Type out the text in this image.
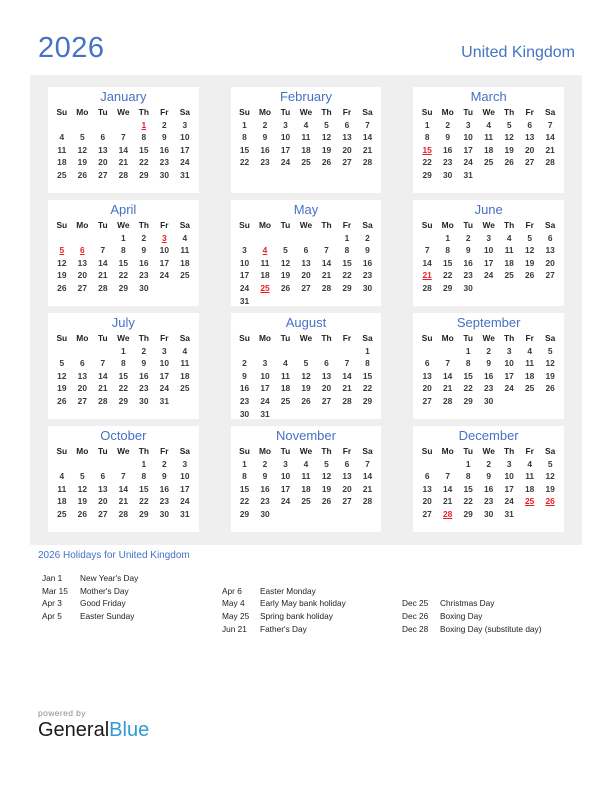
2026	United Kingdom
January
Su	Mo	Tu	We	Th	Fr	Sa
				1	2	3
4	5	6	7	8	9	10
11	12	13	14	15	16	17
18	19	20	21	22	23	24
25	26	27	28	29	30	31
February
Su	Mo	Tu	We	Th	Fr	Sa
1	2	3	4	5	6	7
8	9	10	11	12	13	14
15	16	17	18	19	20	21
22	23	24	25	26	27	28
March
Su	Mo	Tu	We	Th	Fr	Sa
1	2	3	4	5	6	7
8	9	10	11	12	13	14
15	16	17	18	19	20	21
22	23	24	25	26	27	28
29	30	31				
April
Su	Mo	Tu	We	Th	Fr	Sa
			1	2	3	4
5	6	7	8	9	10	11
12	13	14	15	16	17	18
19	20	21	22	23	24	25
26	27	28	29	30		
May
Su	Mo	Tu	We	Th	Fr	Sa
					1	2
3	4	5	6	7	8	9
10	11	12	13	14	15	16
17	18	19	20	21	22	23
24	25	26	27	28	29	30
31						
June
Su	Mo	Tu	We	Th	Fr	Sa
	1	2	3	4	5	6
7	8	9	10	11	12	13
14	15	16	17	18	19	20
21	22	23	24	25	26	27
28	29	30				
July
Su	Mo	Tu	We	Th	Fr	Sa
			1	2	3	4
5	6	7	8	9	10	11
12	13	14	15	16	17	18
19	20	21	22	23	24	25
26	27	28	29	30	31	
August
Su	Mo	Tu	We	Th	Fr	Sa
						1
2	3	4	5	6	7	8
9	10	11	12	13	14	15
16	17	18	19	20	21	22
23	24	25	26	27	28	29
30	31					
September
Su	Mo	Tu	We	Th	Fr	Sa
		1	2	3	4	5
6	7	8	9	10	11	12
13	14	15	16	17	18	19
20	21	22	23	24	25	26
27	28	29	30			
October
Su	Mo	Tu	We	Th	Fr	Sa
				1	2	3
4	5	6	7	8	9	10
11	12	13	14	15	16	17
18	19	20	21	22	23	24
25	26	27	28	29	30	31
November
Su	Mo	Tu	We	Th	Fr	Sa
1	2	3	4	5	6	7
8	9	10	11	12	13	14
15	16	17	18	19	20	21
22	23	24	25	26	27	28
29	30					
December
Su	Mo	Tu	We	Th	Fr	Sa
		1	2	3	4	5
6	7	8	9	10	11	12
13	14	15	16	17	18	19
20	21	22	23	24	25	26
27	28	29	30	31		
2026 Holidays for United Kingdom
Jan 1	New Year's Day
Mar 15	Mother's Day
Apr 3	Good Friday
Apr 5	Easter Sunday
Apr 6	Easter Monday
May 4	Early May bank holiday
May 25	Spring bank holiday
Jun 21	Father's Day
Dec 25	Christmas Day
Dec 26	Boxing Day
Dec 28	Boxing Day (substitute day)
powered by
GeneralBlue
